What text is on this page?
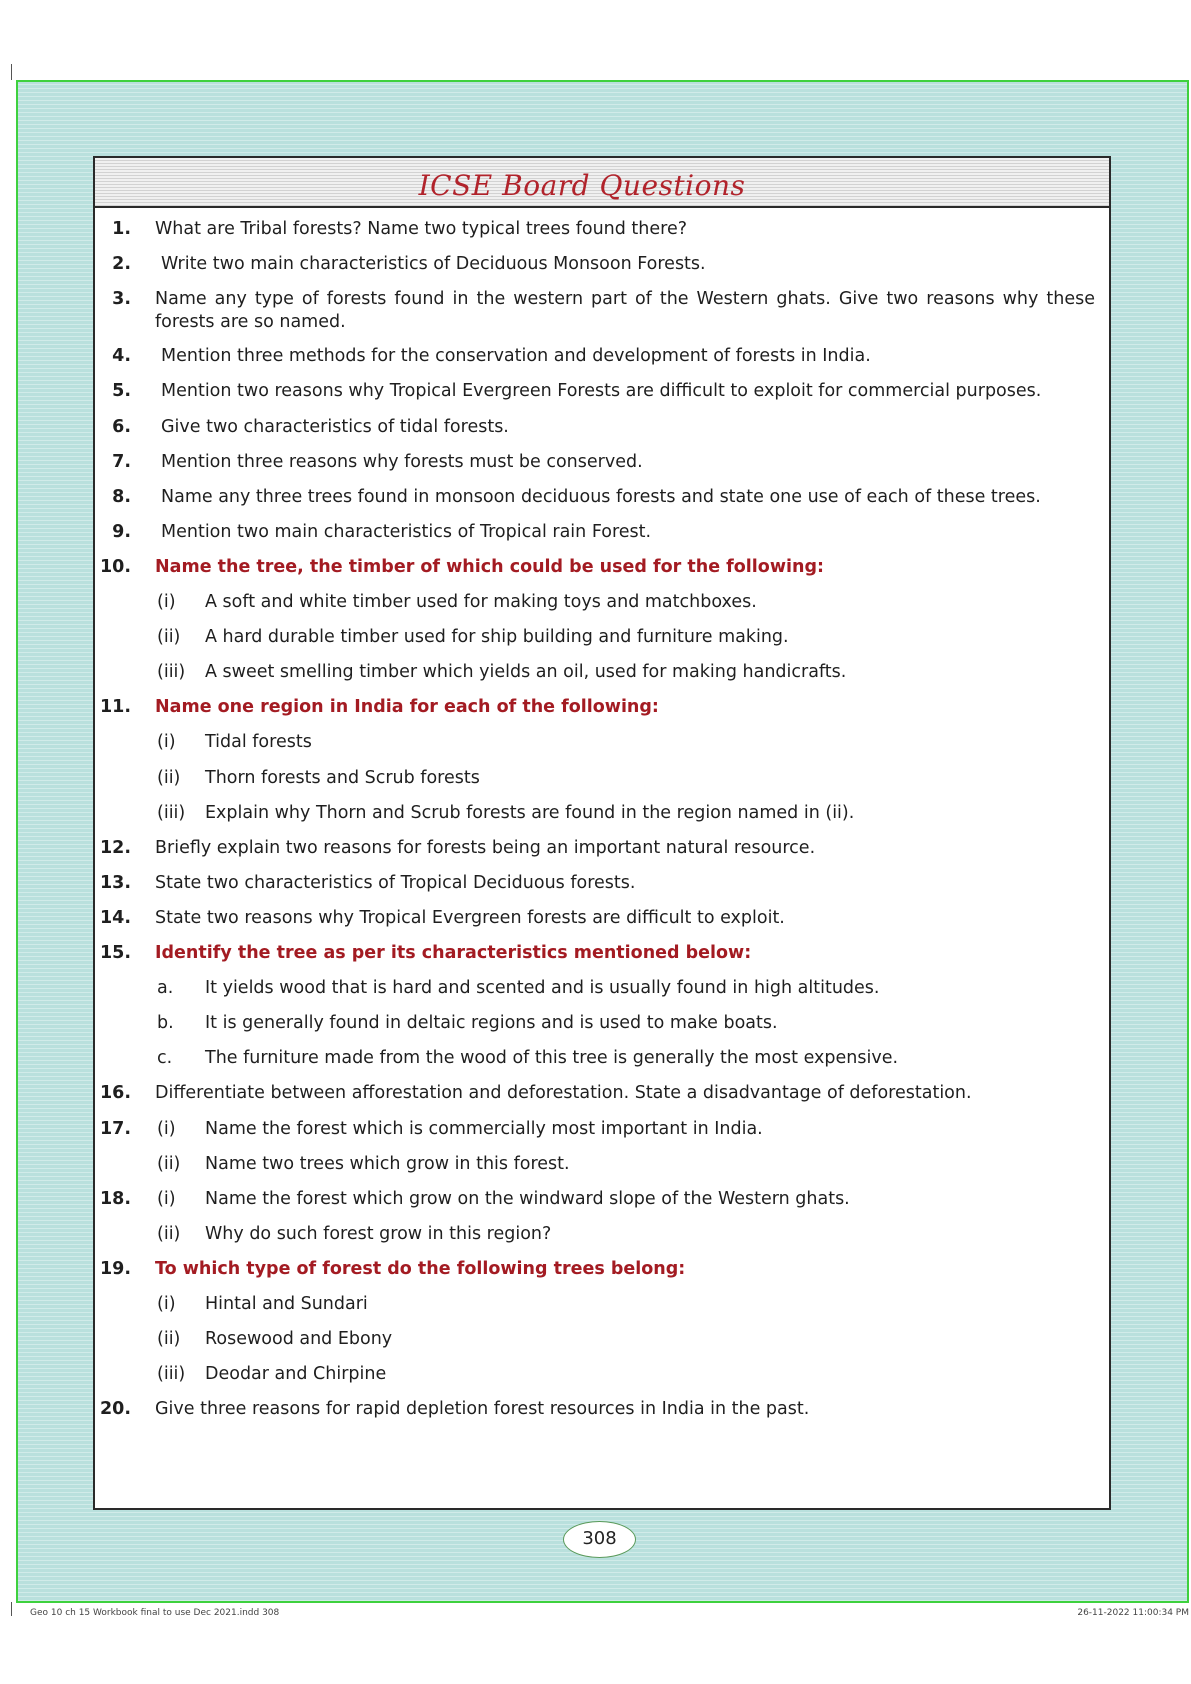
ICSE Board Questions
1. What are Tribal forests? Name two typical trees found there?
2. Write two main characteristics of Deciduous Monsoon Forests.
3. Name any type of forests found in the western part of the Western ghats. Give two reasons why these forests are so named.
4. Mention three methods for the conservation and development of forests in India.
5. Mention two reasons why Tropical Evergreen Forests are difficult to exploit for commercial purposes.
6. Give two characteristics of tidal forests.
7. Mention three reasons why forests must be conserved.
8. Name any three trees found in monsoon deciduous forests and state one use of each of these trees.
9. Mention two main characteristics of Tropical rain Forest.
10. Name the tree, the timber of which could be used for the following:
(i) A soft and white timber used for making toys and matchboxes.
(ii) A hard durable timber used for ship building and furniture making.
(iii) A sweet smelling timber which yields an oil, used for making handicrafts.
11. Name one region in India for each of the following:
(i) Tidal forests
(ii) Thorn forests and Scrub forests
(iii) Explain why Thorn and Scrub forests are found in the region named in (ii).
12. Briefly explain two reasons for forests being an important natural resource.
13. State two characteristics of Tropical Deciduous forests.
14. State two reasons why Tropical Evergreen forests are difficult to exploit.
15. Identify the tree as per its characteristics mentioned below:
a. It yields wood that is hard and scented and is usually found in high altitudes.
b. It is generally found in deltaic regions and is used to make boats.
c. The furniture made from the wood of this tree is generally the most expensive.
16. Differentiate between afforestation and deforestation. State a disadvantage of deforestation.
17. (i) Name the forest which is commercially most important in India.
(ii) Name two trees which grow in this forest.
18. (i) Name the forest which grow on the windward slope of the Western ghats.
(ii) Why do such forest grow in this region?
19. To which type of forest do the following trees belong:
(i) Hintal and Sundari
(ii) Rosewood and Ebony
(iii) Deodar and Chirpine
20. Give three reasons for rapid depletion forest resources in India in the past.
308
Geo 10 ch 15 Workbook final to use Dec 2021.indd 308	26-11-2022 11:00:34 PM
